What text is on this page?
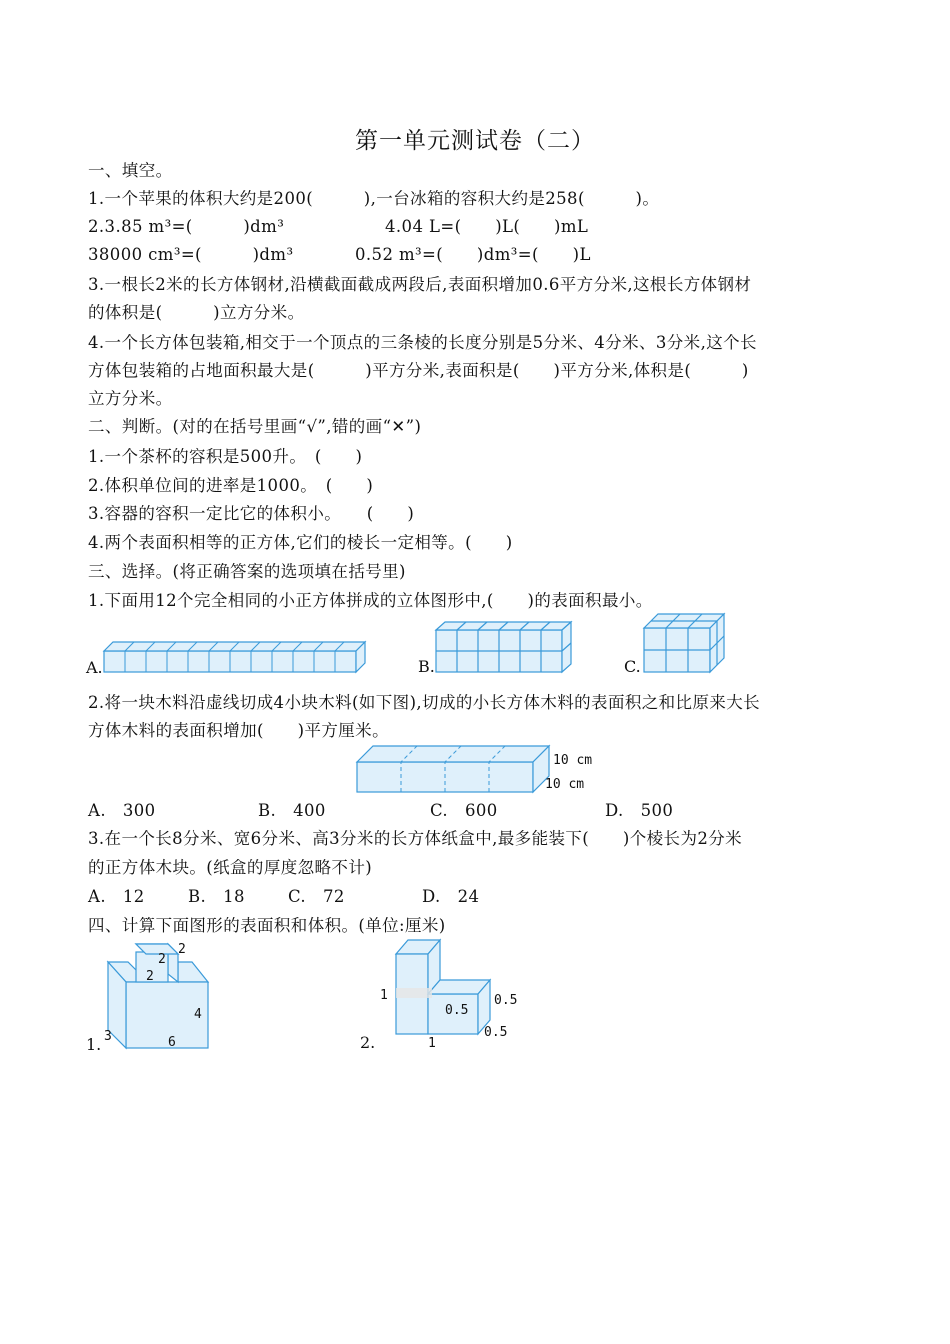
第一单元测试卷（二）
一、填空。
1.一个苹果的体积大约是200(　　　),一台冰箱的容积大约是258(　　　)。
2.3.85 m³=(　　　)dm³	4.04 L=(　　)L(　　)mL
38000 cm³=(　　　)dm³	0.52 m³=(　　)dm³=(　　)L
3.一根长2米的长方体钢材,沿横截面截成两段后,表面积增加0.6平方分米,这根长方体钢材
的体积是(　　　)立方分米。
4.一个长方体包装箱,相交于一个顶点的三条棱的长度分别是5分米、4分米、3分米,这个长
方体包装箱的占地面积最大是(　　　)平方分米,表面积是(　　)平方分米,体积是(　　　)
立方分米。
二、判断。(对的在括号里画“√”,错的画“✕”)
1.一个茶杯的容积是500升。　(　　)
2.体积单位间的进率是1000。　(　　)
3.容器的容积一定比它的体积小。　　(　　)
4.两个表面积相等的正方体,它们的棱长一定相等。(　　)
三、选择。(将正确答案的选项填在括号里)
1.下面用12个完全相同的小正方体拼成的立体图形中,(　　)的表面积最小。
A.	B.	C.
2.将一块木料沿虚线切成4小块木料(如下图),切成的小长方体木料的表面积之和比原来大长
方体木料的表面积增加(　　)平方厘米。
10 cm
10 cm
A.　300	B.　400	C.　600	D.　500
3.在一个长8分米、宽6分米、高3分米的长方体纸盒中,最多能装下(　　)个棱长为2分米
的正方体木块。(纸盒的厚度忽略不计)
A.　12	B.　18	C.　72	D.　24
四、计算下面图形的表面积和体积。(单位:厘米)
1.
2
2
2
4
3	6	2.
1
0.5
0.5
0.5
1
